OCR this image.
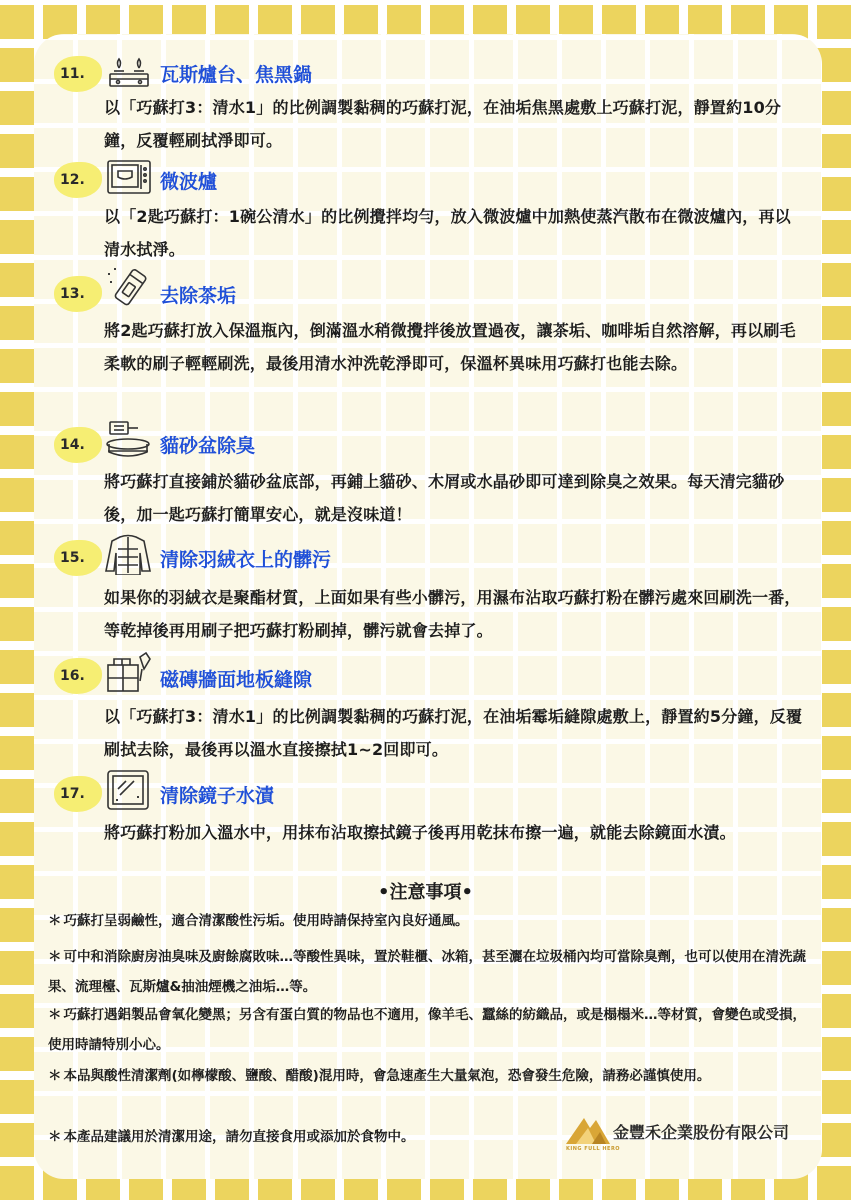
11.	瓦斯爐台、焦黑鍋
以「巧蘇打3：清水1」的比例調製黏稠的巧蘇打泥，在油垢焦黑處敷上巧蘇打泥，靜置約10分鐘，反覆輕刷拭淨即可。
12.	微波爐
以「2匙巧蘇打：1碗公清水」的比例攪拌均勻，放入微波爐中加熱使蒸汽散布在微波爐內，再以清水拭淨。
13.	去除茶垢
將2匙巧蘇打放入保溫瓶內，倒滿溫水稍微攪拌後放置過夜，讓茶垢、咖啡垢自然溶解，再以刷毛柔軟的刷子輕輕刷洗，最後用清水沖洗乾淨即可，保溫杯異味用巧蘇打也能去除。
14.	貓砂盆除臭
將巧蘇打直接鋪於貓砂盆底部，再鋪上貓砂、木屑或水晶砂即可達到除臭之效果。每天清完貓砂後，加一匙巧蘇打簡單安心，就是沒味道！
15.	清除羽絨衣上的髒污
如果你的羽絨衣是聚酯材質，上面如果有些小髒污，用濕布沾取巧蘇打粉在髒污處來回刷洗一番，等乾掉後再用刷子把巧蘇打粉刷掉，髒污就會去掉了。
16.	磁磚牆面地板縫隙
以「巧蘇打3：清水1」的比例調製黏稠的巧蘇打泥，在油垢霉垢縫隙處敷上，靜置約5分鐘，反覆刷拭去除，最後再以溫水直接擦拭1~2回即可。
17.	清除鏡子水漬
將巧蘇打粉加入溫水中，用抹布沾取擦拭鏡子後再用乾抹布擦一遍，就能去除鏡面水漬。
•注意事項•
＊ 巧蘇打呈弱鹼性，適合清潔酸性污垢。使用時請保持室內良好通風。
＊ 可中和消除廚房油臭味及廚餘腐敗味…等酸性異味，置於鞋櫃、冰箱，甚至灑在垃圾桶內均可當除臭劑，也可以使用在清洗蔬果、流理檯、瓦斯爐&抽油煙機之油垢…等。
＊ 巧蘇打遇鋁製品會氧化變黑；另含有蛋白質的物品也不適用，像羊毛、蠶絲的紡織品，或是榻榻米…等材質，會變色或受損，使用時請特別小心。
＊ 本品與酸性清潔劑(如檸檬酸、鹽酸、醋酸)混用時，會急速產生大量氣泡，恐會發生危險，請務必謹慎使用。
＊ 本產品建議用於清潔用途，請勿直接食用或添加於食物中。	金豐禾企業股份有限公司
KING FULL HERO
